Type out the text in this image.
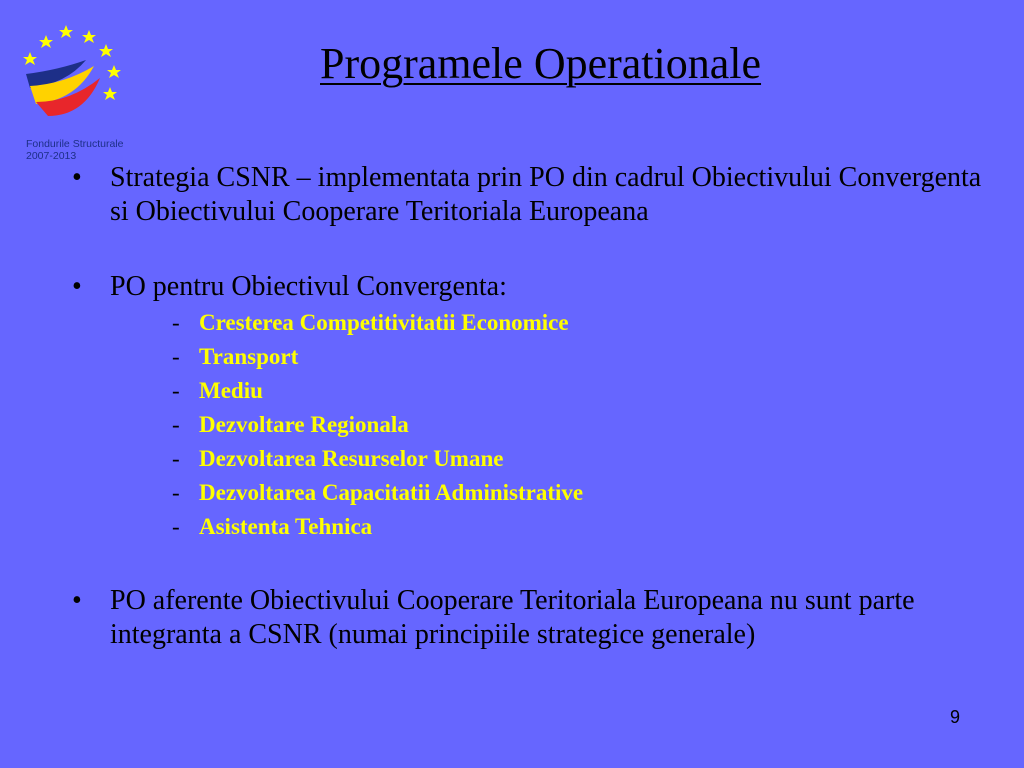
Fondurile Structurale
2007-2013
Programele Operationale
• Strategia CSNR – implementata prin PO din cadrul Obiectivului Convergenta si Obiectivului Cooperare Teritoriala Europeana
• PO pentru Obiectivul Convergenta:
- Cresterea Competitivitatii Economice
- Transport
- Mediu
- Dezvoltare Regionala
- Dezvoltarea Resurselor Umane
- Dezvoltarea Capacitatii Administrative
- Asistenta Tehnica
• PO aferente Obiectivului Cooperare Teritoriala Europeana nu sunt parte integranta a CSNR (numai principiile strategice generale)
9
